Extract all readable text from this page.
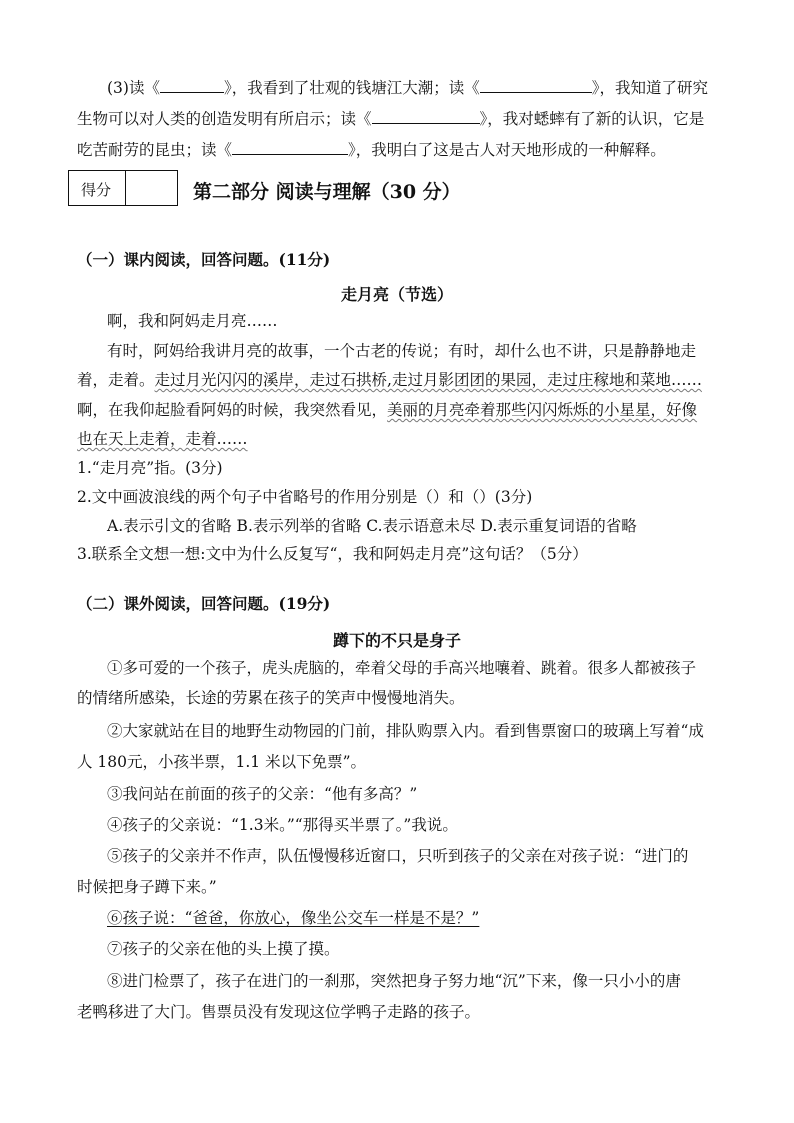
(3)读《	》，我看到了壮观的钱塘江大潮；读《	》，我知道了研究
生物可以对人类的创造发明有所启示；读《	》，我对蟋蟀有了新的认识，它是
吃苦耐劳的昆虫；读《	》，我明白了这是古人对天地形成的一种解释。
得分	第二部分 阅读与理解（30 分）
（一）课内阅读，回答问题。(11分)
走月亮（节选）
啊，我和阿妈走月亮……
有时，阿妈给我讲月亮的故事，一个古老的传说；有时，却什么也不讲，只是静静地走
着，走着。走过月光闪闪的溪岸，走过石拱桥,走过月影团团的果园，走过庄稼地和菜地……
啊，在我仰起脸看阿妈的时候，我突然看见，美丽的月亮牵着那些闪闪烁烁的小星星，好像
也在天上走着，走着……
1.“走月亮”指。(3分)
2.文中画波浪线的两个句子中省略号的作用分别是（）和（）(3分)
A.表示引文的省略 B.表示列举的省略 C.表示语意未尽 D.表示重复词语的省略
3.联系全文想一想:文中为什么反复写“，我和阿妈走月亮”这句话？（5分）
（二）课外阅读，回答问题。(19分)
蹲下的不只是身子
①多可爱的一个孩子，虎头虎脑的，牵着父母的手高兴地嚷着、跳着。很多人都被孩子
的情绪所感染，长途的劳累在孩子的笑声中慢慢地消失。
②大家就站在目的地野生动物园的门前，排队购票入内。看到售票窗口的玻璃上写着“成
人 180元，小孩半票，1.1 米以下免票”。
③我问站在前面的孩子的父亲：“他有多高？”
④孩子的父亲说：“1.3米。”“那得买半票了。”我说。
⑤孩子的父亲并不作声，队伍慢慢移近窗口，只听到孩子的父亲在对孩子说：“进门的
时候把身子蹲下来。”
⑥孩子说：“爸爸，你放心，像坐公交车一样是不是？”
⑦孩子的父亲在他的头上摸了摸。
⑧进门检票了，孩子在进门的一刹那，突然把身子努力地“沉”下来，像一只小小的唐
老鸭移进了大门。售票员没有发现这位学鸭子走路的孩子。
